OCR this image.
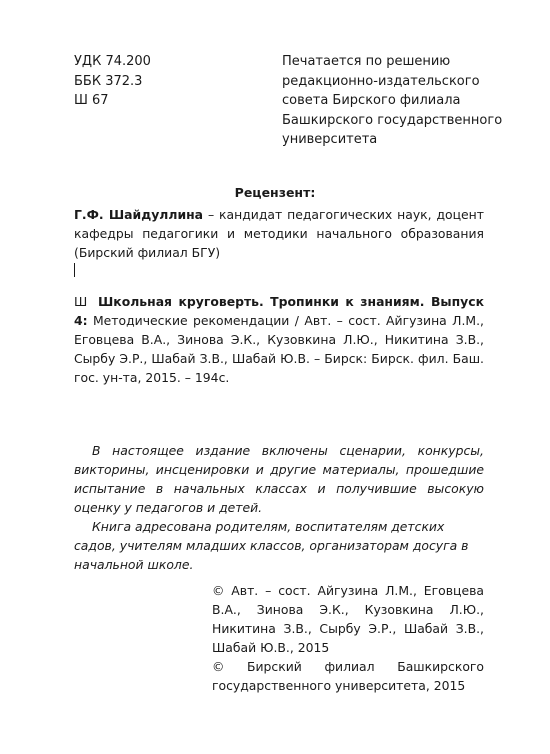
УДК 74.200
ББК 372.3
Ш 67
Печатается по решению
редакционно-издательского
совета Бирского филиала
Башкирского государственного
университета
Рецензент:
Г.Ф. Шайдуллина – кандидат педагогических наук, доцент кафедры педагогики и методики начального образования (Бирский филиал БГУ)
Ш Школьная круговерть. Тропинки к знаниям. Выпуск 4: Методические рекомендации / Авт. – сост. Айгузина Л.М., Еговцева В.А., Зинова Э.К., Кузовкина Л.Ю., Никитина З.В., Сырбу Э.Р., Шабай З.В., Шабай Ю.В. – Бирск: Бирск. фил. Баш. гос. ун-та, 2015. – 194с.
В настоящее издание включены сценарии, конкурсы, викторины, инсценировки и другие материалы, прошедшие испытание в начальных классах и получившие высокую оценку у педагогов и детей.
Книга адресована родителям, воспитателям детских садов, учителям младших классов, организаторам досуга в начальной школе.
© Авт. – сост. Айгузина Л.М., Еговцева В.А., Зинова Э.К., Кузовкина Л.Ю., Никитина З.В., Сырбу Э.Р., Шабай З.В., Шабай Ю.В., 2015
© Бирский филиал Башкирского государственного университета, 2015
